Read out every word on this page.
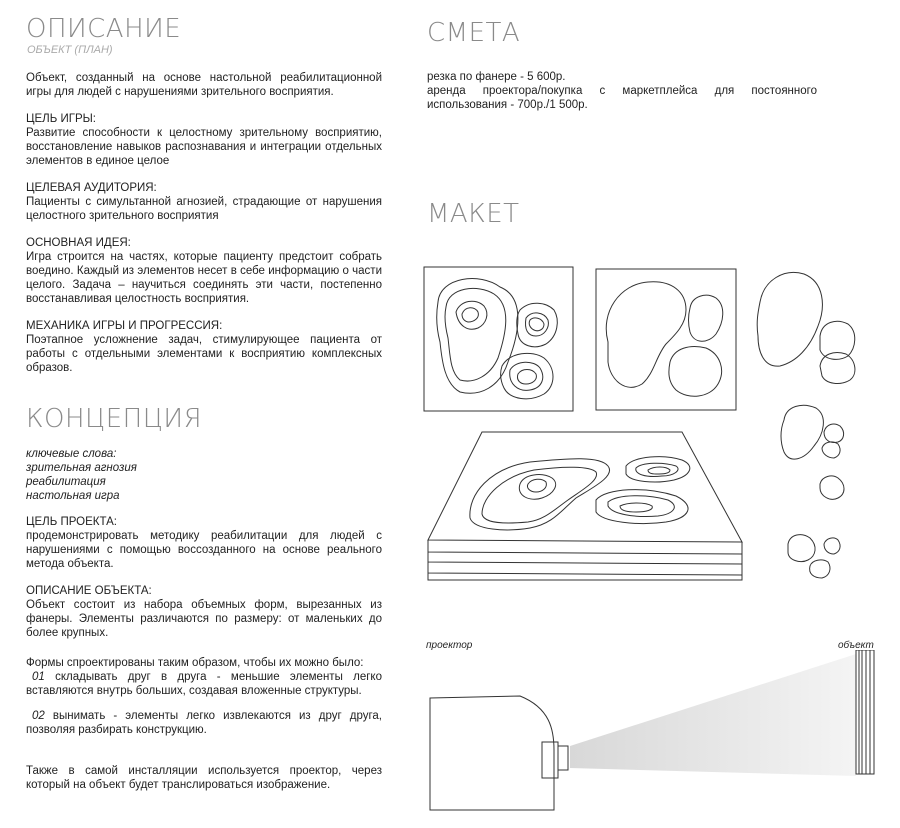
ОПИСАНИЕ
ОБЪЕКТ (ПЛАН)
Объект, созданный на основе настольной реабилитационной игры для людей с нарушениями зрительного восприятия.
ЦЕЛЬ ИГРЫ:
Развитие способности к целостному зрительному восприятию, восстановление навыков распознавания и интеграции отдельных элементов в единое целое
ЦЕЛЕВАЯ АУДИТОРИЯ:
Пациенты с симультанной агнозией, страдающие от нарушения целостного зрительного восприятия
ОСНОВНАЯ ИДЕЯ:
Игра строится на частях, которые пациенту предстоит собрать воедино. Каждый из элементов несет в себе информацию о части целого. Задача – научиться соединять эти части, постепенно восстанавливая целостность восприятия.
МЕХАНИКА ИГРЫ И ПРОГРЕССИЯ:
Поэтапное усложнение задач, стимулирующее пациента от работы с отдельными элементами к восприятию комплексных образов.
КОНЦЕПЦИЯ
ключевые слова:
зрительная агнозия
реабилитация
настольная игра
ЦЕЛЬ ПРОЕКТА:
продемонстрировать методику реабилитации для людей с нарушениями с помощью воссозданного на основе реального метода объекта.
ОПИСАНИЕ ОБЪЕКТА:
Объект состоит из набора объемных форм, вырезанных из фанеры. Элементы различаются по размеру: от маленьких до более крупных.
Формы спроектированы таким образом, чтобы их можно было:
01 складывать друг в друга - меньшие элементы легко вставляются внутрь больших, создавая вложенные структуры.
02 вынимать - элементы легко извлекаются из друг друга, позволяя разбирать конструкцию.
Также в самой инсталляции используется проектор, через который на объект будет транслироваться изображение.
СМЕТА
резка по фанере - 5 600р.
аренда проектора/покупка с маркетплейса для постоянного использования - 700р./1 500р.
МАКЕТ
проектор	объект
